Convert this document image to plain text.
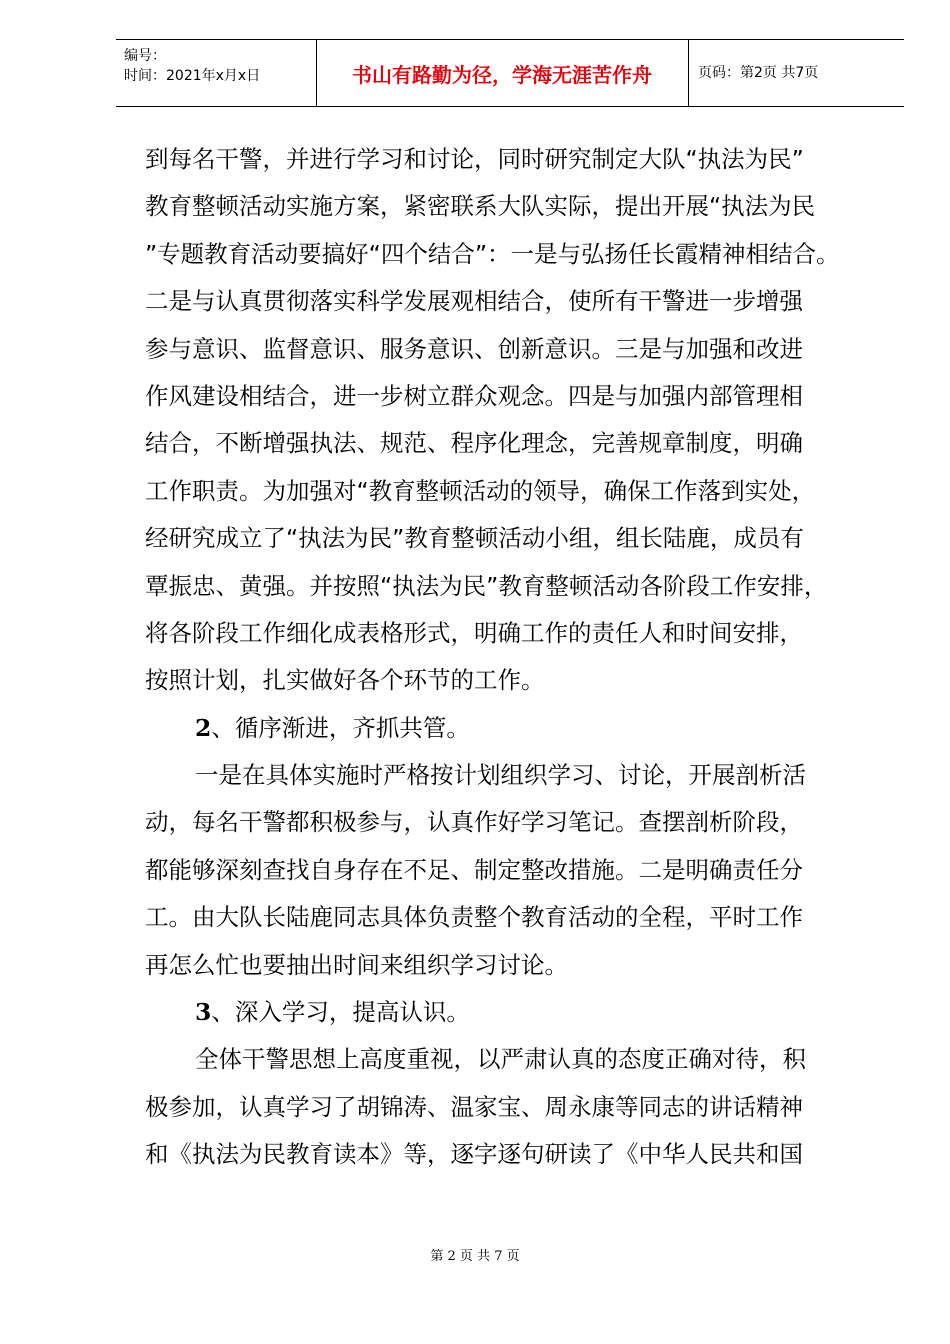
编号：
时间：2021年x月x日	书山有路勤为径，学海无涯苦作舟	页码：第2页 共7页
到每名干警，并进行学习和讨论，同时研究制定大队“执法为民”
教育整顿活动实施方案，紧密联系大队实际，提出开展“执法为民
”专题教育活动要搞好“四个结合”：一是与弘扬任长霞精神相结合。
二是与认真贯彻落实科学发展观相结合，使所有干警进一步增强
参与意识、监督意识、服务意识、创新意识。三是与加强和改进
作风建设相结合，进一步树立群众观念。四是与加强内部管理相
结合，不断增强执法、规范、程序化理念，完善规章制度，明确
工作职责。为加强对“教育整顿活动的领导，确保工作落到实处，
经研究成立了“执法为民”教育整顿活动小组，组长陆鹿，成员有
覃振忠、黄强。并按照“执法为民”教育整顿活动各阶段工作安排，
将各阶段工作细化成表格形式，明确工作的责任人和时间安排，
按照计划，扎实做好各个环节的工作。
2、循序渐进，齐抓共管。
一是在具体实施时严格按计划组织学习、讨论，开展剖析活
动，每名干警都积极参与，认真作好学习笔记。查摆剖析阶段，
都能够深刻查找自身存在不足、制定整改措施。二是明确责任分
工。由大队长陆鹿同志具体负责整个教育活动的全程，平时工作
再怎么忙也要抽出时间来组织学习讨论。
3、深入学习，提高认识。
全体干警思想上高度重视，以严肃认真的态度正确对待，积
极参加，认真学习了胡锦涛、温家宝、周永康等同志的讲话精神
和《执法为民教育读本》等，逐字逐句研读了《中华人民共和国
第 2 页 共 7 页
